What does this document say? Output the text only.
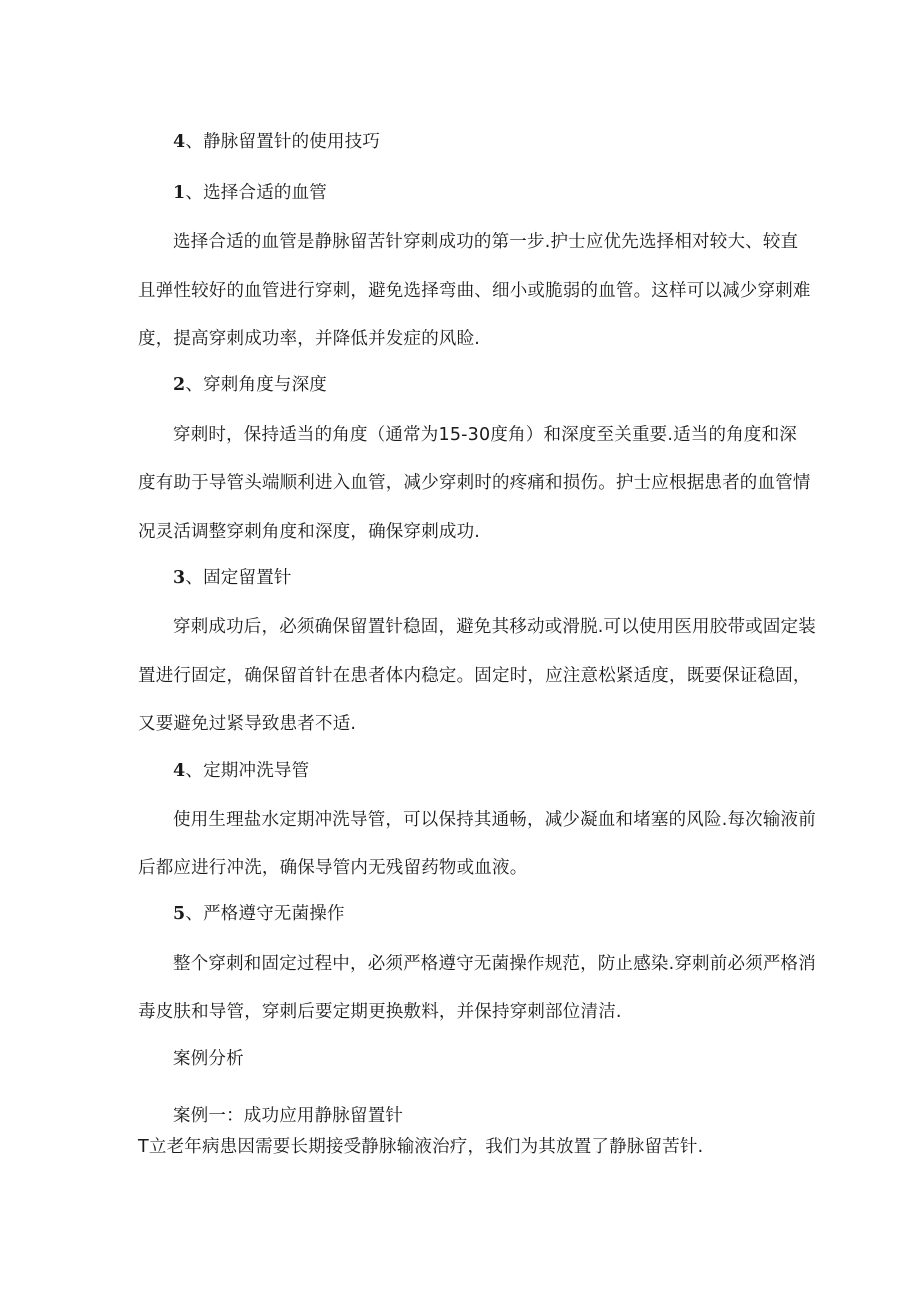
4、静脉留置针的使用技巧
1、选择合适的血管
选择合适的血管是静脉留苦针穿刺成功的第一步.护士应优先选择相对较大、较直
且弹性较好的血管进行穿刺，避免选择弯曲、细小或脆弱的血管。这样可以减少穿刺难
度，提高穿刺成功率，并降低并发症的风睑.
2、穿刺角度与深度
穿刺时，保持适当的角度（通常为15-30度角）和深度至关重要.适当的角度和深
度有助于导管头端顺利进入血管，减少穿刺时的疼痛和损伤。护士应根据患者的血管情
况灵活调整穿刺角度和深度，确保穿刺成功.
3、固定留置针
穿刺成功后，必须确保留置针稳固，避免其移动或滑脱.可以使用医用胶带或固定装
置进行固定，确保留首针在患者体内稳定。固定时，应注意松紧适度，既要保证稳固，
又要避免过紧导致患者不适.
4、定期冲洗导管
使用生理盐水定期冲洗导管，可以保持其通畅，减少凝血和堵塞的风险.每次输液前
后都应进行冲洗，确保导管内无残留药物或血液。
5、严格遵守无菌操作
整个穿刺和固定过程中，必须严格遵守无菌操作规范，防止感染.穿刺前必须严格消
毒皮肤和导管，穿刺后要定期更换敷料，并保持穿刺部位清洁.
案例分析
案例一：成功应用静脉留置针
T立老年病患因需要长期接受静脉输液治疗，我们为其放置了静脉留苦针.
